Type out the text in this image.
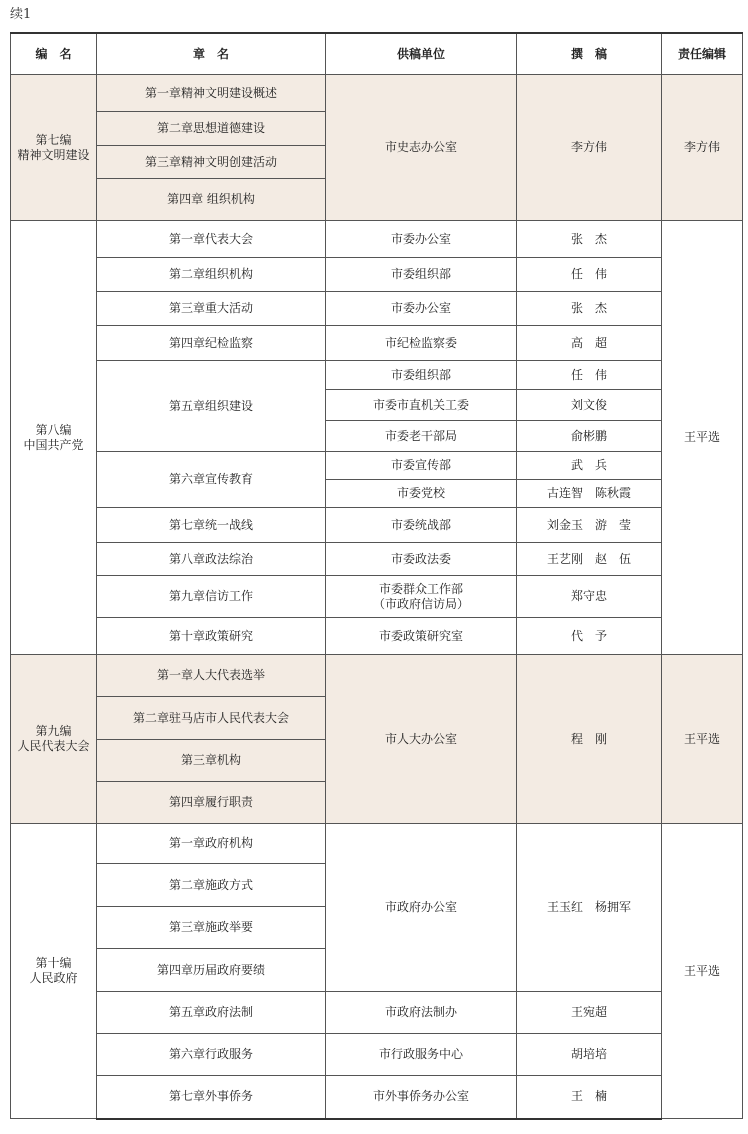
续1
编　名	章　名	供稿单位	撰　稿	责任编辑

第七编
精神文明建设	第一章精神文明建设概述	市史志办公室	李方伟	李方伟
	第二章思想道德建设			
	第三章精神文明创建活动			
	第四章 组织机构			

第八编
中国共产党	第一章代表大会	市委办公室	张　杰	王平选
	第二章组织机构	市委组织部	任　伟	
	第三章重大活动	市委办公室	张　杰	
	第四章纪检监察	市纪检监察委	高　超	
	第五章组织建设	市委组织部	任　伟	
		市委市直机关工委	刘文俊	
		市委老干部局	俞彬鹏	
	第六章宣传教育	市委宣传部	武　兵	
		市委党校	古连智　陈秋霞	
	第七章统一战线	市委统战部	刘金玉　游　莹	
	第八章政法综治	市委政法委	王艺刚　赵　伍	
	第九章信访工作	市委群众工作部
（市政府信访局）	郑守忠	
	第十章政策研究	市委政策研究室	代　予	

第九编
人民代表大会	第一章人大代表选举	市人大办公室	程　刚	王平选
	第二章驻马店市人民代表大会			
	第三章机构			
	第四章履行职责			

第十编
人民政府	第一章政府机构	市政府办公室	王玉红　杨拥军	王平选
	第二章施政方式			
	第三章施政举要			
	第四章历届政府要绩			
	第五章政府法制	市政府法制办	王宛超	
	第六章行政服务	市行政服务中心	胡培培	
	第七章外事侨务	市外事侨务办公室	王　楠	
